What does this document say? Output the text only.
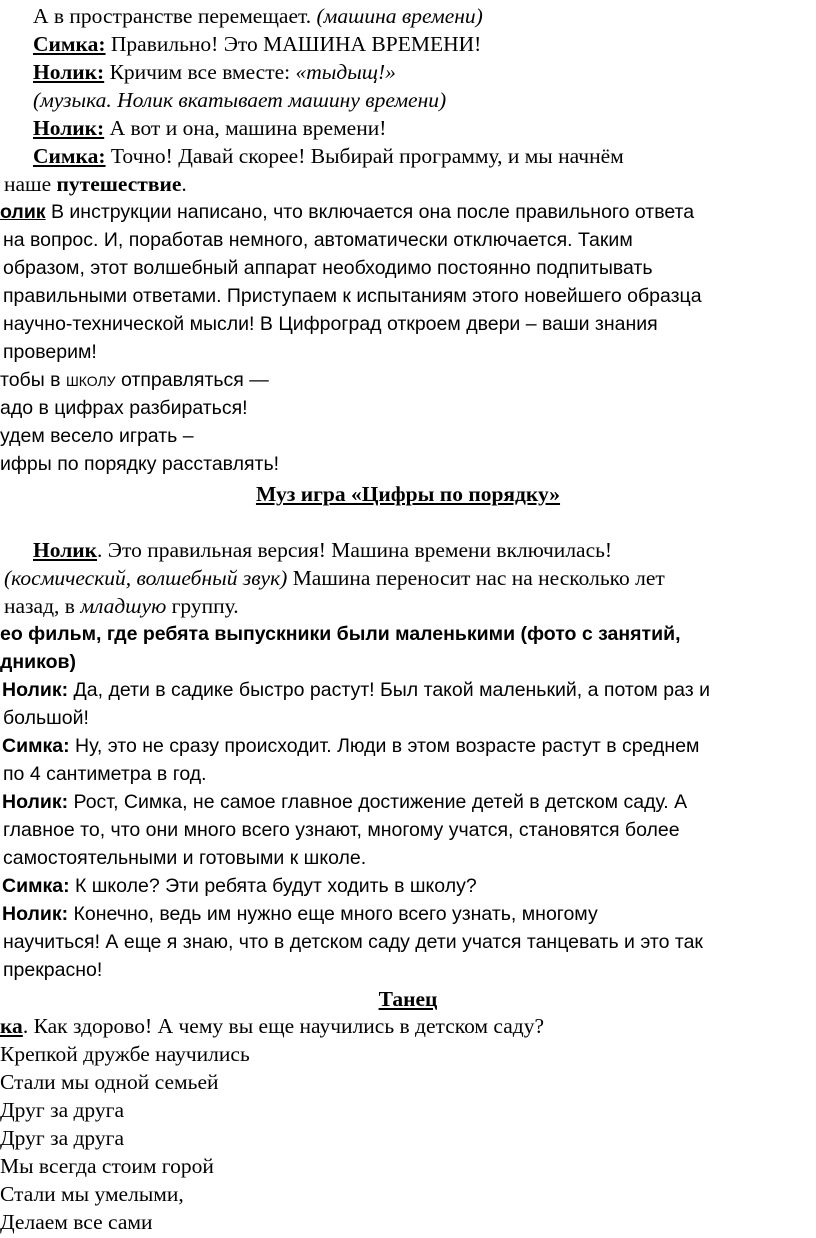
А в пространстве перемещает. (машина времени)
Симка: Правильно! Это МАШИНА ВРЕМЕНИ!
Нолик: Кричим все вместе: «тыдыщ!»
(музыка. Нолик вкатывает машину времени)
Нолик: А вот и она, машина времени!
Симка: Точно! Давай скорее! Выбирай программу, и мы начнём
наше путешествие.
олик В инструкции написано, что включается она после правильного ответа
на вопрос. И, поработав немного, автоматически отключается. Таким
образом, этот волшебный аппарат необходимо постоянно подпитывать
правильными ответами. Приступаем к испытаниям этого новейшего образца
научно-технической мысли! В Цифроград откроем двери – ваши знания
проверим!
тобы в школу отправляться —
адо в цифрах разбираться!
удем весело играть –
ифры по порядку расставлять!
Муз игра «Цифры по порядку»
Нолик. Это правильная версия! Машина времени включилась!
(космический, волшебный звук) Машина переносит нас на несколько лет
назад, в младшую группу.
ео фильм, где ребята выпускники были маленькими (фото с занятий,
дников)
Нолик: Да, дети в садике быстро растут! Был такой маленький, а потом раз и
большой!
Симка: Ну, это не сразу происходит. Люди в этом возрасте растут в среднем
по 4 сантиметра в год.
Нолик: Рост, Симка, не самое главное достижение детей в детском саду. А
главное то, что они много всего узнают, многому учатся, становятся более
самостоятельными и готовыми к школе.
Симка: К школе? Эти ребята будут ходить в школу?
Нолик: Конечно, ведь им нужно еще много всего узнать, многому
научиться! А еще я знаю, что в детском саду дети учатся танцевать и это так
прекрасно!
Танец
ка. Как здорово! А чему вы еще научились в детском саду?
Крепкой дружбе научились
Стали мы одной семьей
Друг за друга
Друг за друга
Мы всегда стоим горой
Стали мы умелыми,
Делаем все сами
